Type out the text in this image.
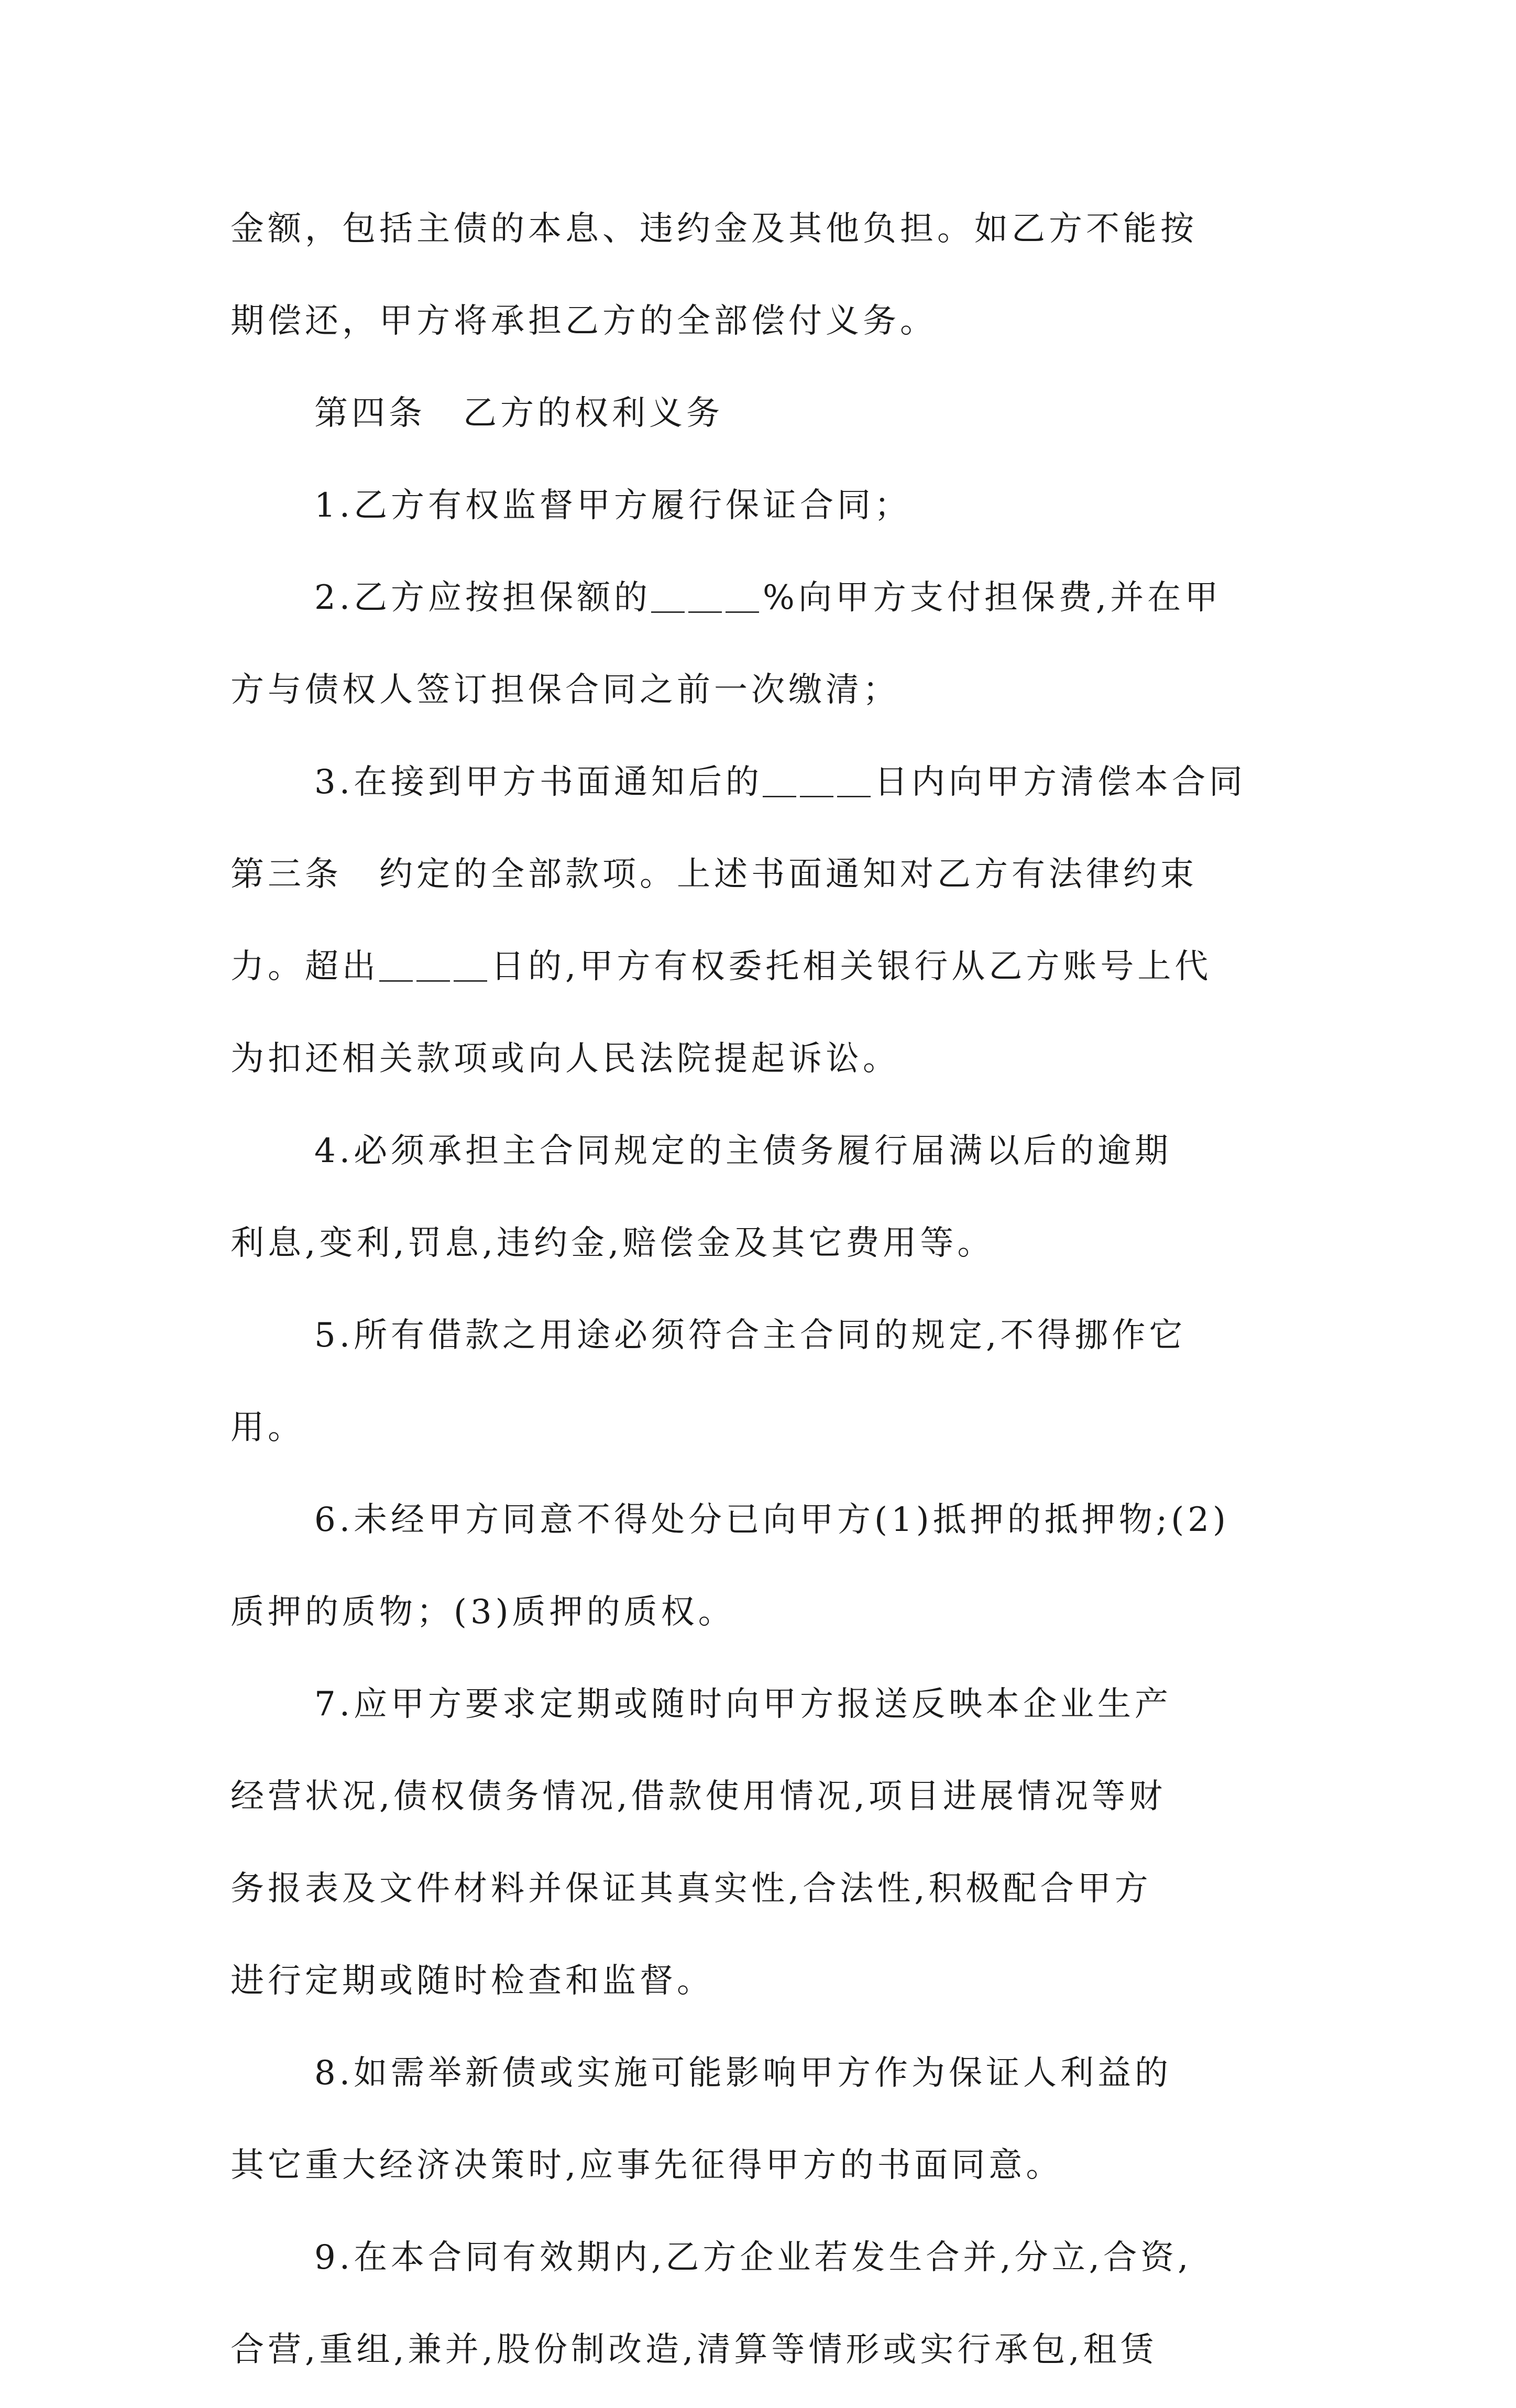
金额，包括主债的本息、违约金及其他负担。如乙方不能按
期偿还，甲方将承担乙方的全部偿付义务。
第四条　乙方的权利义务
1.乙方有权监督甲方履行保证合同；
2.乙方应按担保额的＿＿＿%向甲方支付担保费,并在甲
方与债权人签订担保合同之前一次缴清；
3.在接到甲方书面通知后的＿＿＿日内向甲方清偿本合同
第三条　约定的全部款项。上述书面通知对乙方有法律约束
力。超出＿＿＿日的,甲方有权委托相关银行从乙方账号上代
为扣还相关款项或向人民法院提起诉讼。
4.必须承担主合同规定的主债务履行届满以后的逾期
利息,变利,罚息,违约金,赔偿金及其它费用等。
5.所有借款之用途必须符合主合同的规定,不得挪作它
用。
6.未经甲方同意不得处分已向甲方(1)抵押的抵押物;(2)
质押的质物；(3)质押的质权。
7.应甲方要求定期或随时向甲方报送反映本企业生产
经营状况,债权债务情况,借款使用情况,项目进展情况等财
务报表及文件材料并保证其真实性,合法性,积极配合甲方
进行定期或随时检查和监督。
8.如需举新债或实施可能影响甲方作为保证人利益的
其它重大经济决策时,应事先征得甲方的书面同意。
9.在本合同有效期内,乙方企业若发生合并,分立,合资,
合营,重组,兼并,股份制改造,清算等情形或实行承包,租赁
